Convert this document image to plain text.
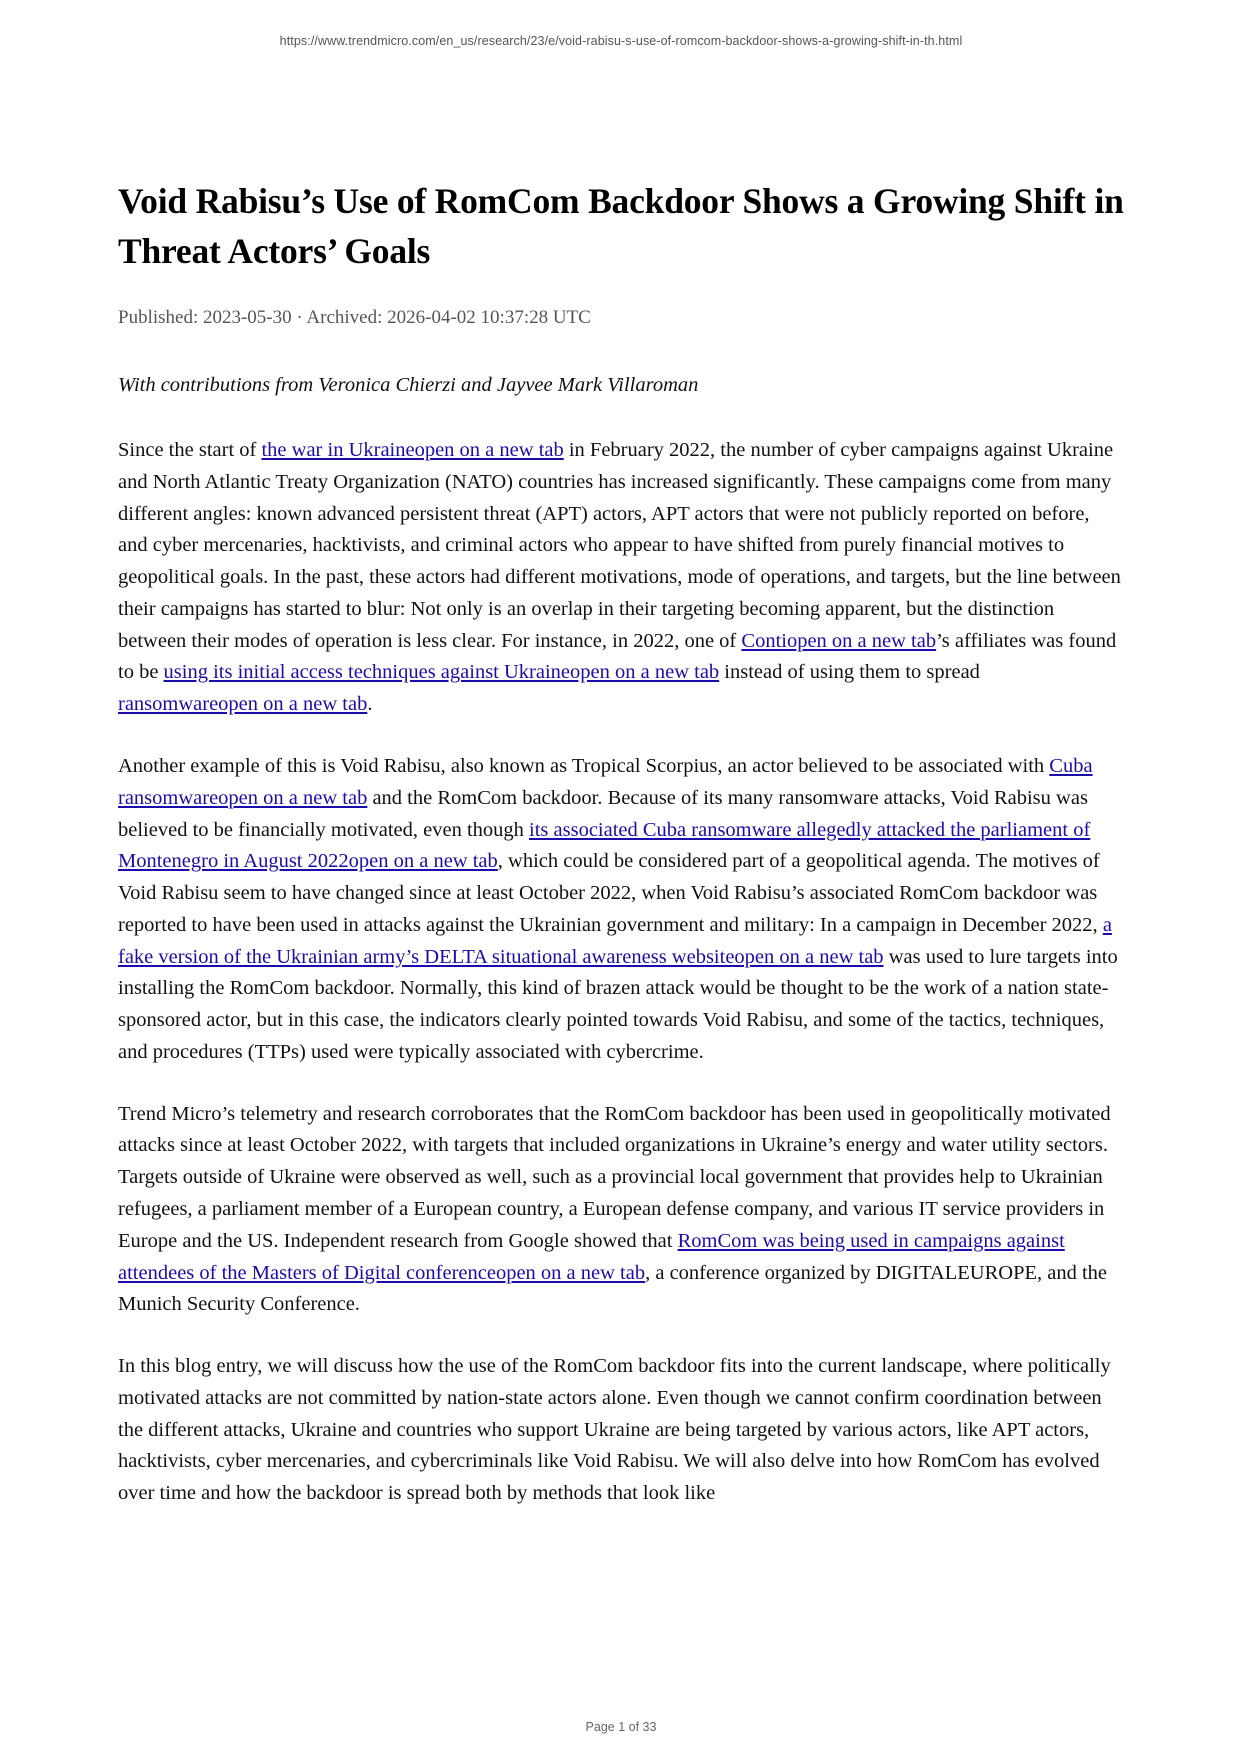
https://www.trendmicro.com/en_us/research/23/e/void-rabisu-s-use-of-romcom-backdoor-shows-a-growing-shift-in-th.html
Void Rabisu’s Use of RomCom Backdoor Shows a Growing Shift in Threat Actors’ Goals
Published: 2023-05-30 · Archived: 2026-04-02 10:37:28 UTC
With contributions from Veronica Chierzi and Jayvee Mark Villaroman

Since the start of the war in Ukraineopen on a new tab in February 2022, the number of cyber campaigns against Ukraine and North Atlantic Treaty Organization (NATO) countries has increased significantly. These campaigns come from many different angles: known advanced persistent threat (APT) actors, APT actors that were not publicly reported on before, and cyber mercenaries, hacktivists, and criminal actors who appear to have shifted from purely financial motives to geopolitical goals. In the past, these actors had different motivations, mode of operations, and targets, but the line between their campaigns has started to blur: Not only is an overlap in their targeting becoming apparent, but the distinction between their modes of operation is less clear. For instance, in 2022, one of Contiopen on a new tab’s affiliates was found to be using its initial access techniques against Ukraineopen on a new tab instead of using them to spread ransomwareopen on a new tab.

Another example of this is Void Rabisu, also known as Tropical Scorpius, an actor believed to be associated with Cuba ransomwareopen on a new tab and the RomCom backdoor. Because of its many ransomware attacks, Void Rabisu was believed to be financially motivated, even though its associated Cuba ransomware allegedly attacked the parliament of Montenegro in August 2022open on a new tab, which could be considered part of a geopolitical agenda. The motives of Void Rabisu seem to have changed since at least October 2022, when Void Rabisu’s associated RomCom backdoor was reported to have been used in attacks against the Ukrainian government and military: In a campaign in December 2022, a fake version of the Ukrainian army’s DELTA situational awareness websiteopen on a new tab was used to lure targets into installing the RomCom backdoor. Normally, this kind of brazen attack would be thought to be the work of a nation state-sponsored actor, but in this case, the indicators clearly pointed towards Void Rabisu, and some of the tactics, techniques, and procedures (TTPs) used were typically associated with cybercrime.

Trend Micro’s telemetry and research corroborates that the RomCom backdoor has been used in geopolitically motivated attacks since at least October 2022, with targets that included organizations in Ukraine’s energy and water utility sectors. Targets outside of Ukraine were observed as well, such as a provincial local government that provides help to Ukrainian refugees, a parliament member of a European country, a European defense company, and various IT service providers in Europe and the US. Independent research from Google showed that RomCom was being used in campaigns against attendees of the Masters of Digital conferenceopen on a new tab, a conference organized by DIGITALEUROPE, and the Munich Security Conference.

In this blog entry, we will discuss how the use of the RomCom backdoor fits into the current landscape, where politically motivated attacks are not committed by nation-state actors alone. Even though we cannot confirm coordination between the different attacks, Ukraine and countries who support Ukraine are being targeted by various actors, like APT actors, hacktivists, cyber mercenaries, and cybercriminals like Void Rabisu. We will also delve into how RomCom has evolved over time and how the backdoor is spread both by methods that look like

Page 1 of 33
